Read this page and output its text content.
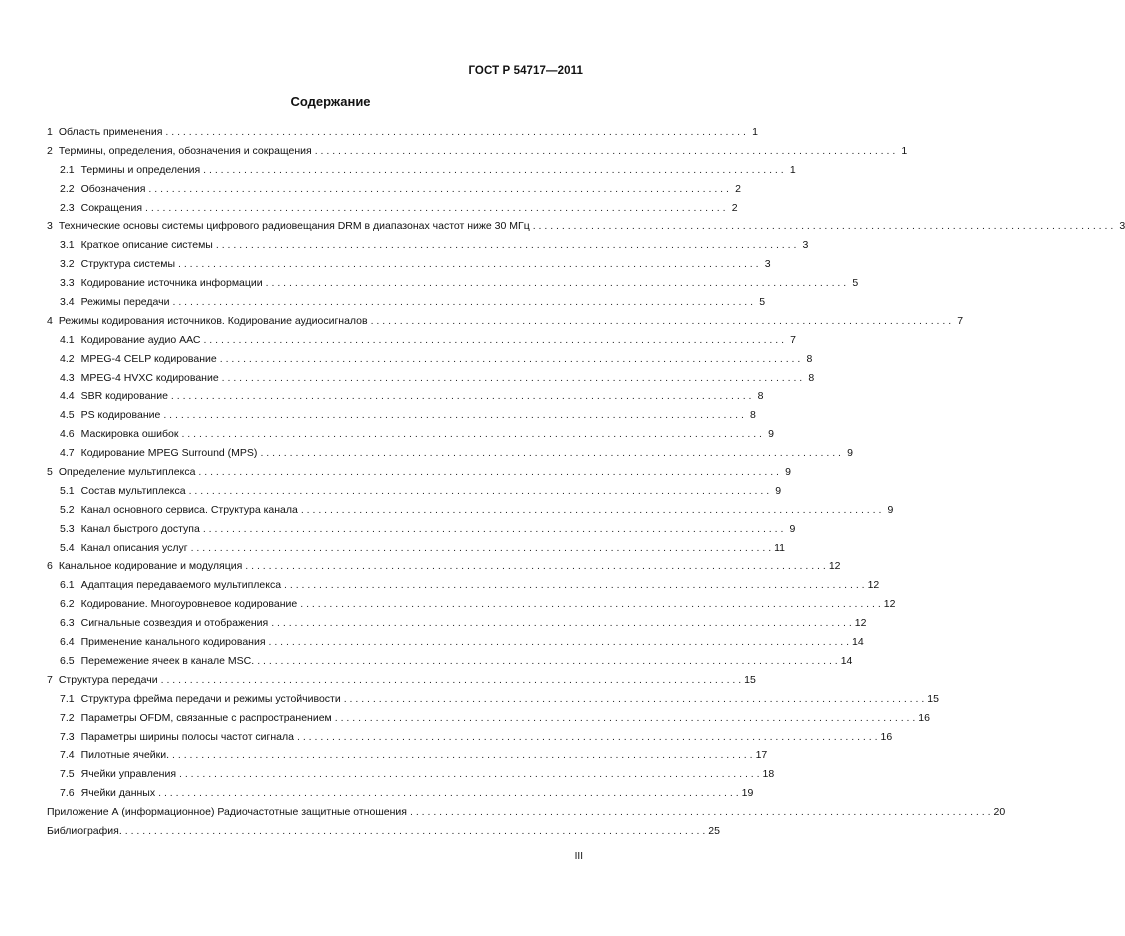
ГОСТ Р 54717—2011
Содержание
1 Область применения . . .	1
2 Термины, определения, обозначения и сокращения . . .	1
2.1 Термины и определения . . .	1
2.2 Обозначения . . .	2
2.3 Сокращения . . .	2
3 Технические основы системы цифрового радиовещания DRM в диапазонах частот ниже 30 МГц . . .	3
3.1 Краткое описание системы . . .	3
3.2 Структура системы . . .	3
3.3 Кодирование источника информации . . .	5
3.4 Режимы передачи . . .	5
4 Режимы кодирования источников. Кодирование аудиосигналов . . .	7
4.1 Кодирование аудио ААС . . .	7
4.2 MPEG-4 CELP кодирование . . .	8
4.3 MPEG-4 HVXC кодирование . . .	8
4.4 SBR кодирование . . .	8
4.5 PS кодирование . . .	8
4.6 Маскировка ошибок . . .	9
4.7 Кодирование MPEG Surround (MPS) . . .	9
5 Определение мультиплекса . . .	9
5.1 Состав мультиплекса . . .	9
5.2 Канал основного сервиса. Структура канала . . .	9
5.3 Канал быстрого доступа . . .	9
5.4 Канал описания услуг . . .	11
6 Канальное кодирование и модуляция . . .	12
6.1 Адаптация передаваемого мультиплекса . . .	12
6.2 Кодирование. Многоуровневое кодирование . . .	12
6.3 Сигнальные созвездия и отображения . . .	12
6.4 Применение канального кодирования . . .	14
6.5 Перемежение ячеек в канале MSC. . . .	14
7 Структура передачи . . .	15
7.1 Структура фрейма передачи и режимы устойчивости . . .	15
7.2 Параметры OFDM, связанные с распространением . . .	16
7.3 Параметры ширины полосы частот сигнала . . .	16
7.4 Пилотные ячейки. . . .	17
7.5 Ячейки управления . . .	18
7.6 Ячейки данных . . .	19
Приложение А (информационное) Радиочастотные защитные отношения . . .	20
Библиография. . . .	25
III
